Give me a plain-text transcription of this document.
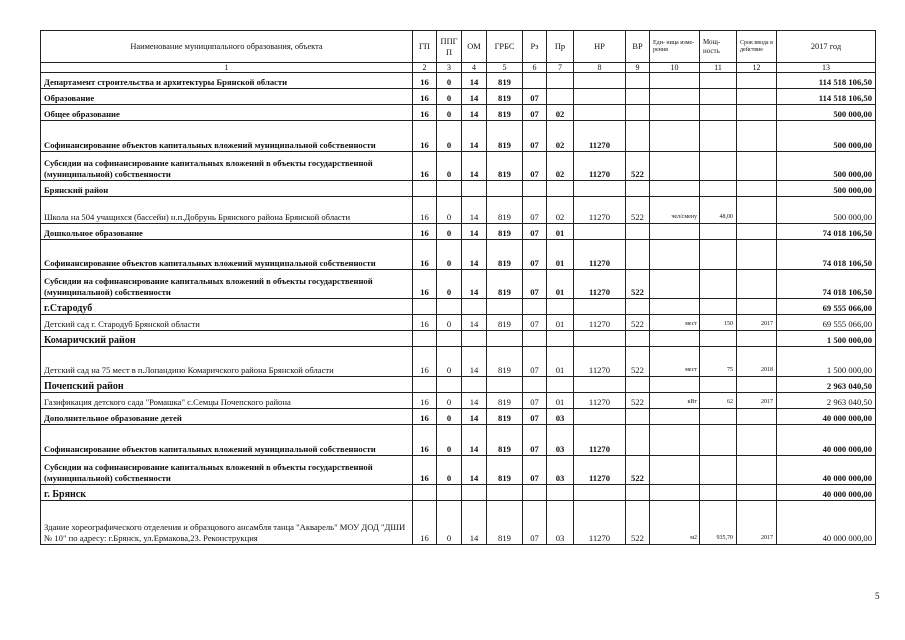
Наименование муниципального образования, объекта	ГП	ППГП	ОМ	ГРБС	Рз	Пр	НР	ВР	Еди- ница изме- рения	Мощ- ность	Срок ввода в действие	2017 год
1	2	3	4	5	6	7	8	9	10	11	12	13
Департамент строительства и архитектуры Брянской области	16	0	14	819								114 518 106,50
Образование	16	0	14	819	07							114 518 106,50
Общее образование	16	0	14	819	07	02						500 000,00
Софинансирование объектов капитальных вложений муниципальной собственности	16	0	14	819	07	02	11270					500 000,00
Субсидии на софинансирование капитальных вложений в объекты государственной (муниципальной) собственности	16	0	14	819	07	02	11270	522				500 000,00
Брянский район												500 000,00
Школа на 504 учащихся (бассейн) н.п.Добрунь Брянского района Брянской области	16	0	14	819	07	02	11270	522	чел/смену	48,00		500 000,00
Дошкольное образование	16	0	14	819	07	01						74 018 106,50
Софинансирование объектов капитальных вложений муниципальной собственности	16	0	14	819	07	01	11270					74 018 106,50
Субсидии на софинансирование капитальных вложений в объекты государственной (муниципальной) собственности	16	0	14	819	07	01	11270	522				74 018 106,50
г.Стародуб												69 555 066,00
Детский сад г. Стародуб Брянской области	16	0	14	819	07	01	11270	522	мест	150	2017	69 555 066,00
Комаричский район												1 500 000,00
Детский сад на 75 мест в п.Лопандино Комаричского района Брянской области	16	0	14	819	07	01	11270	522	мест	75	2018	1 500 000,00
Почепский район												2 963 040,50
Газификация детского сада "Ромашка" с.Семцы Почепского района	16	0	14	819	07	01	11270	522	кВт	62	2017	2 963 040,50
Дополнительное образование детей	16	0	14	819	07	03						40 000 000,00
Софинансирование объектов капитальных вложений муниципальной собственности	16	0	14	819	07	03	11270					40 000 000,00
Субсидии на софинансирование капитальных вложений в объекты государственной (муниципальной) собственности	16	0	14	819	07	03	11270	522				40 000 000,00
г. Брянск												40 000 000,00
Здание хореографического отделения и образцового ансамбля танца "Акварель" МОУ ДОД "ДШИ № 10" по адресу: г.Брянск, ул.Ермакова,23. Реконструкция	16	0	14	819	07	03	11270	522	м2	935,70	2017	40 000 000,00
5
